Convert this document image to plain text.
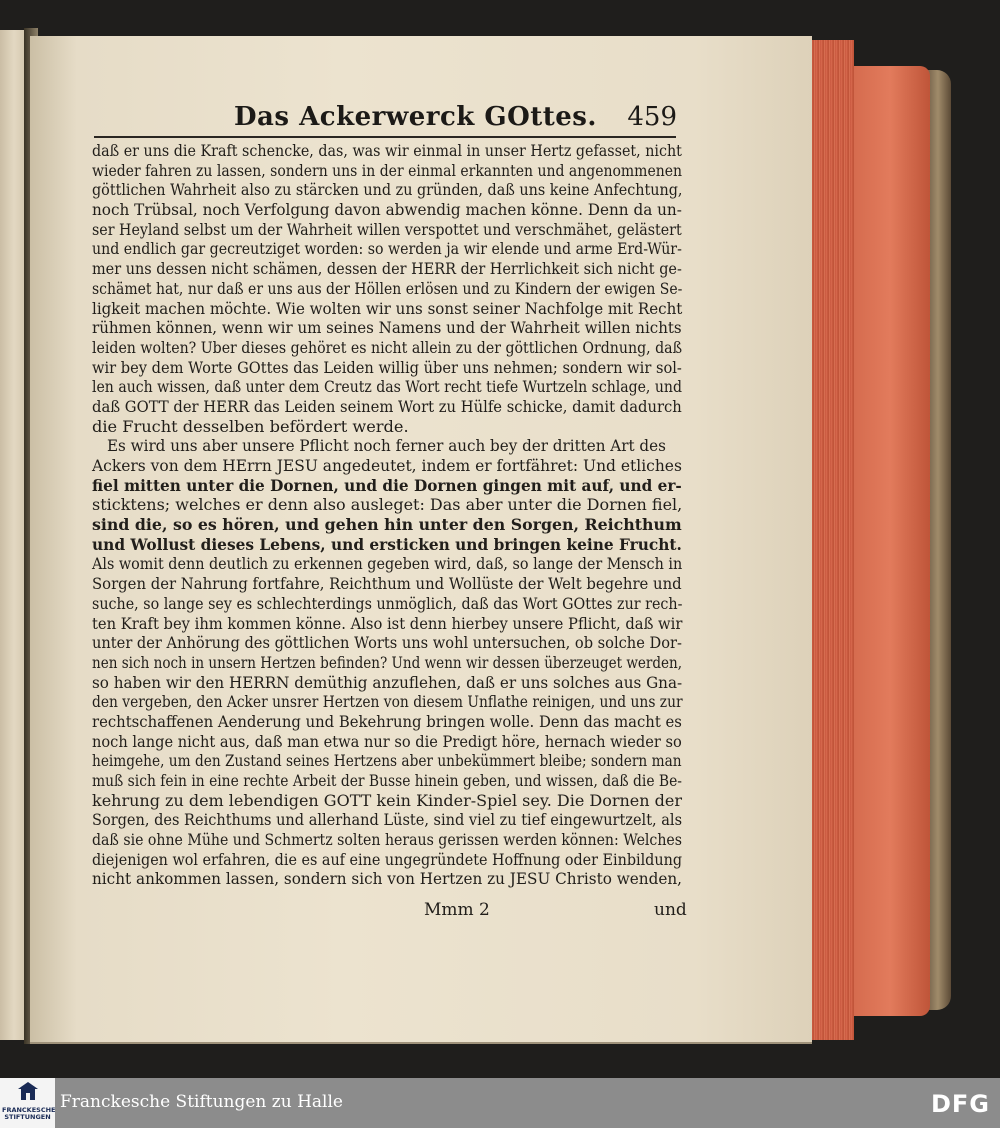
Das Ackerwerck GOttes. 459
daß er uns die Kraft schencke, das, was wir einmal in unser Hertz gefasset, nicht
wieder fahren zu lassen, sondern uns in der einmal erkannten und angenommenen
göttlichen Wahrheit also zu stärcken und zu gründen, daß uns keine Anfechtung,
noch Trübsal, noch Verfolgung davon abwendig machen könne. Denn da un-
ser Heyland selbst um der Wahrheit willen verspottet und verschmähet, gelästert
und endlich gar gecreutziget worden: so werden ja wir elende und arme Erd-Wür-
mer uns dessen nicht schämen, dessen der HERR der Herrlichkeit sich nicht ge-
schämet hat, nur daß er uns aus der Höllen erlösen und zu Kindern der ewigen Se-
ligkeit machen möchte. Wie wolten wir uns sonst seiner Nachfolge mit Recht
rühmen können, wenn wir um seines Namens und der Wahrheit willen nichts
leiden wolten? Uber dieses gehöret es nicht allein zu der göttlichen Ordnung, daß
wir bey dem Worte GOttes das Leiden willig über uns nehmen; sondern wir sol-
len auch wissen, daß unter dem Creutz das Wort recht tiefe Wurtzeln schlage, und
daß GOTT der HERR das Leiden seinem Wort zu Hülfe schicke, damit dadurch
die Frucht desselben befördert werde.
Es wird uns aber unsere Pflicht noch ferner auch bey der dritten Art des
Ackers von dem HErrn JESU angedeutet, indem er fortfähret: Und etliches
fiel mitten unter die Dornen, und die Dornen gingen mit auf, und er-
sticktens; welches er denn also ausleget: Das aber unter die Dornen fiel,
sind die, so es hören, und gehen hin unter den Sorgen, Reichthum
und Wollust dieses Lebens, und ersticken und bringen keine Frucht.
Als womit denn deutlich zu erkennen gegeben wird, daß, so lange der Mensch in
Sorgen der Nahrung fortfahre, Reichthum und Wollüste der Welt begehre und
suche, so lange sey es schlechterdings unmöglich, daß das Wort GOttes zur rech-
ten Kraft bey ihm kommen könne. Also ist denn hierbey unsere Pflicht, daß wir
unter der Anhörung des göttlichen Worts uns wohl untersuchen, ob solche Dor-
nen sich noch in unsern Hertzen befinden? Und wenn wir dessen überzeuget werden,
so haben wir den HERRN demüthig anzuflehen, daß er uns solches aus Gna-
den vergeben, den Acker unsrer Hertzen von diesem Unflathe reinigen, und uns zur
rechtschaffenen Aenderung und Bekehrung bringen wolle. Denn das macht es
noch lange nicht aus, daß man etwa nur so die Predigt höre, hernach wieder so
heimgehe, um den Zustand seines Hertzens aber unbekümmert bleibe; sondern man
muß sich fein in eine rechte Arbeit der Busse hinein geben, und wissen, daß die Be-
kehrung zu dem lebendigen GOTT kein Kinder-Spiel sey. Die Dornen der
Sorgen, des Reichthums und allerhand Lüste, sind viel zu tief eingewurtzelt, als
daß sie ohne Mühe und Schmertz solten heraus gerissen werden können: Welches
diejenigen wol erfahren, die es auf eine ungegründete Hoffnung oder Einbildung
nicht ankommen lassen, sondern sich von Hertzen zu JESU Christo wenden,
Mmm 2	und
FRANCKESCHE STIFTUNGEN
Franckesche Stiftungen zu Halle	DFG
